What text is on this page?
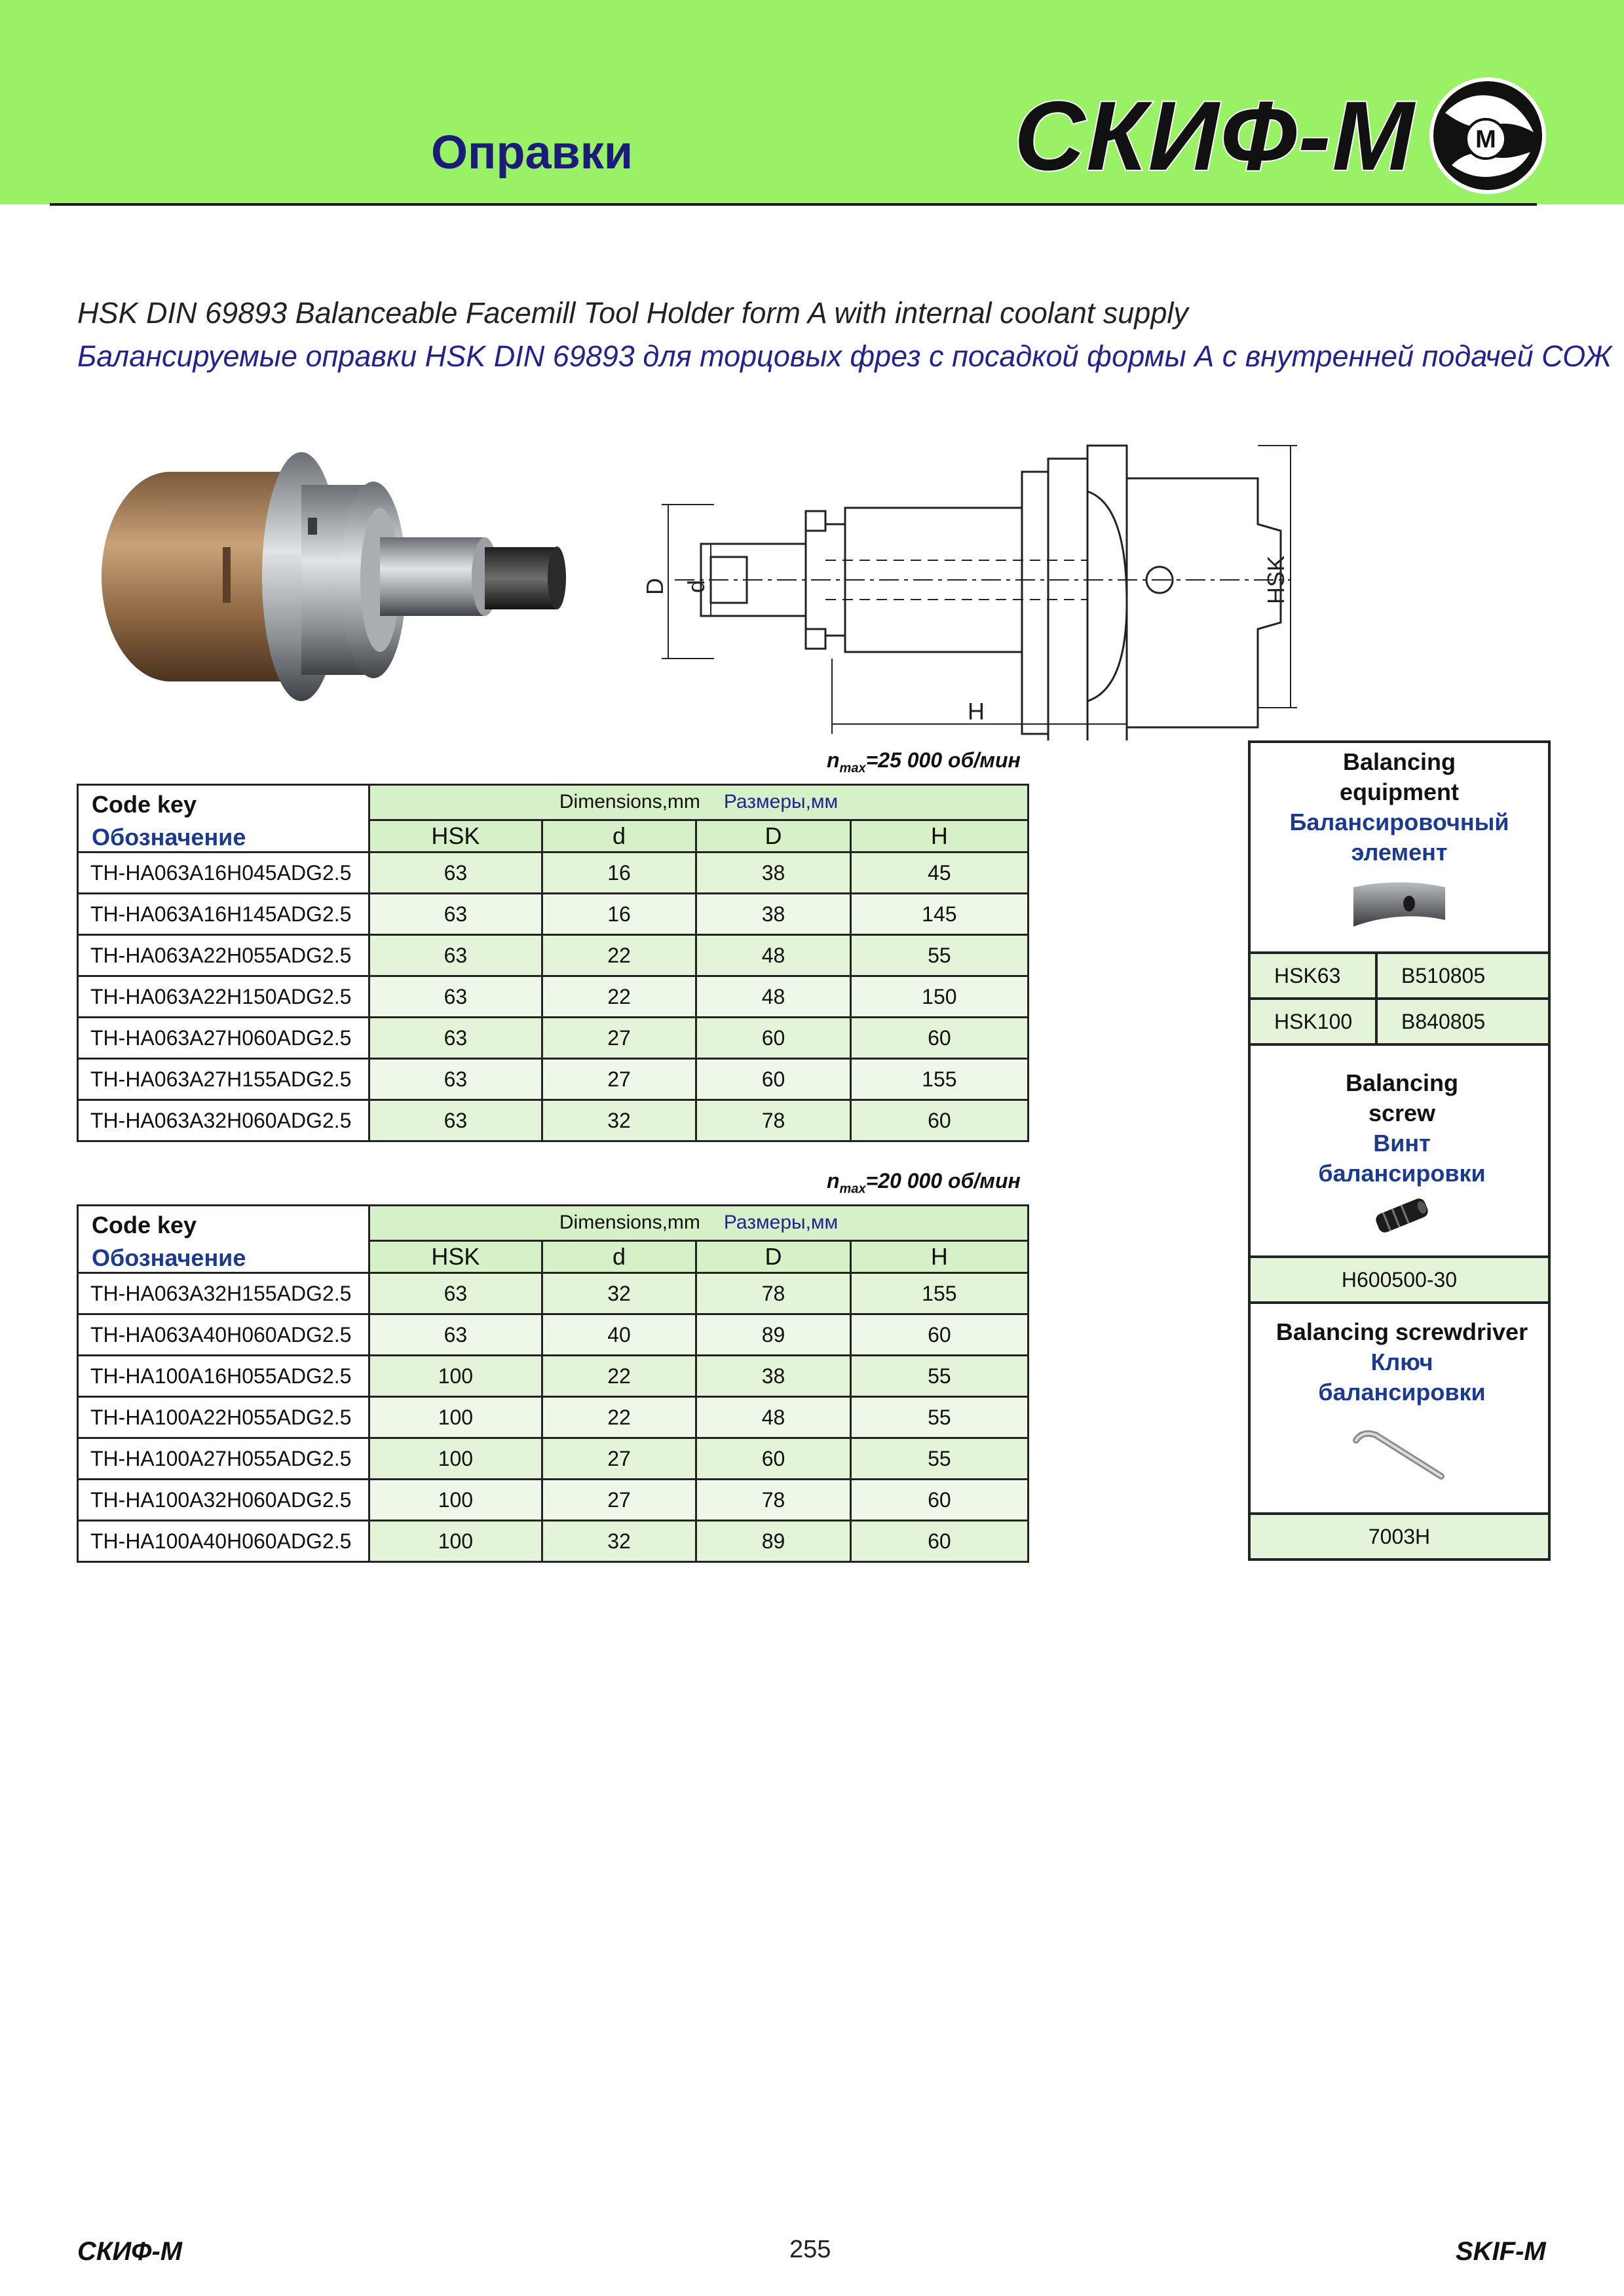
Оправки	СКИФ-М М
HSK DIN 69893 Balanceable Facemill Tool Holder form A with internal coolant supply
Балансируемые оправки HSK DIN 69893 для торцовых фрез с посадкой формы А с внутренней подачей СОЖ
D d
H
HSK
$n_{max}=25$ 000 об/мин
Code key
Обозначение	Dimensions,mm Размеры,мм			
	HSK	d	D	H
TH-HA063A16H045ADG2.5	63	16	38	45
TH-HA063A16H145ADG2.5	63	16	38	145
TH-HA063A22H055ADG2.5	63	22	48	55
TH-HA063A22H150ADG2.5	63	22	48	150
TH-HA063A27H060ADG2.5	63	27	60	60
TH-HA063A27H155ADG2.5	63	27	60	155
TH-HA063A32H060ADG2.5	63	32	78	60
$n_{max}=20$ 000 об/мин
Code key
Обозначение	Dimensions,mm Размеры,мм			
	HSK	d	D	H
TH-HA063A32H155ADG2.5	63	32	78	155
TH-HA063A40H060ADG2.5	63	40	89	60
TH-HA100A16H055ADG2.5	100	22	38	55
TH-HA100A22H055ADG2.5	100	22	48	55
TH-HA100A27H055ADG2.5	100	27	60	55
TH-HA100A32H060ADG2.5	100	27	78	60
TH-HA100A40H060ADG2.5	100	32	89	60
Balancing
equipment
Балансировочный
элемент
HSK63	B510805
HSK100	B840805
Balancing
screw
Винт
балансировки
H600500-30
Balancing screwdriver
Ключ
балансировки
7003H
СКИФ-М	255	SKIF-M
